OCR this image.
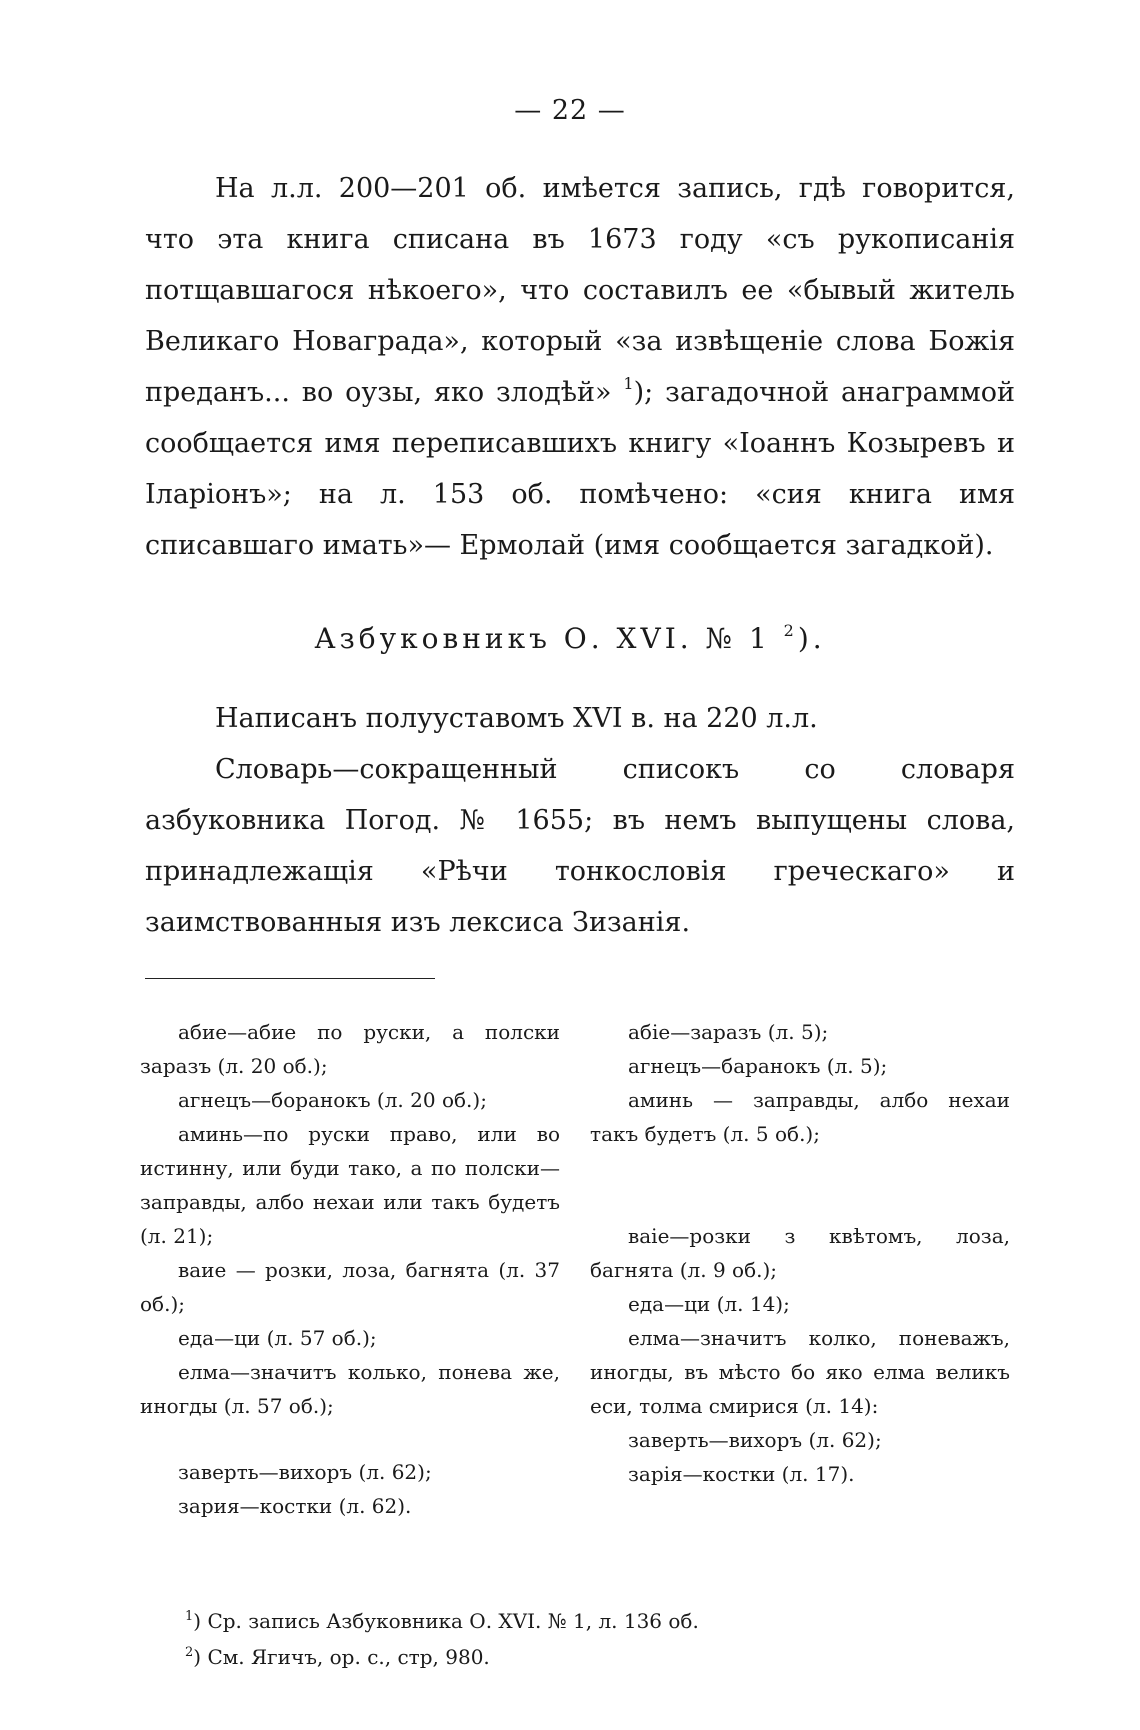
— 22 —

На л.л. 200—201 об. имѣется запись, гдѣ говорится, что эта книга списана въ 1673 году «съ рукописанія потщавшагося нѣкоего», что составилъ ее «бывый житель Великаго Новаграда», который «за извѣщеніе слова Божія преданъ... во оузы, яко злодѣй» $^1$); загадочной анаграммой сообщается имя переписавшихъ книгу «Іоаннъ Козыревъ и Іларіонъ»; на л. 153 об. помѣчено: «сия книга имя списавшаго имать»— Ермолай (имя сообщается загадкой).

Азбуковникъ О. XVI. № 1 $^2$).

Написанъ полууставомъ XVI в. на 220 л.л.

Словарь—сокращенный списокъ со словаря азбуковника Погод. № 1655; въ немъ выпущены слова, принадлежащія «Рѣчи тонкословія греческаго» и заимствованныя изъ лексиса Зизанія.

абие—абие по руски, а полски заразъ (л. 20 об.);

агнецъ—боранокъ (л. 20 об.);

аминь—по руски право, или во истинну, или буди тако, а по полски—заправды, албо нехаи или такъ будетъ (л. 21);

ваие — розки, лоза, багнята (л. 37 об.);

еда—ци (л. 57 об.);

елма—значитъ колько, понева же, иногды (л. 57 об.);

заверть—вихоръ (л. 62);

зария—костки (л. 62).

абіе—заразъ (л. 5);

агнецъ—баранокъ (л. 5);

аминь — заправды, албо нехаи такъ будетъ (л. 5 об.);

ваіе—розки з квѣтомъ, лоза, багнята (л. 9 об.);

еда—ци (л. 14);

елма—значитъ колко, поневажъ, иногды, въ мѣсто бо яко елма великъ еси, толма смирися (л. 14):

заверть—вихоръ (л. 62);

зарія—костки (л. 17).

$^1$) Ср. запись Азбуковника О. XVI. № 1, л. 136 об.

$^2$) См. Ягичъ, ор. с., стр, 980.
